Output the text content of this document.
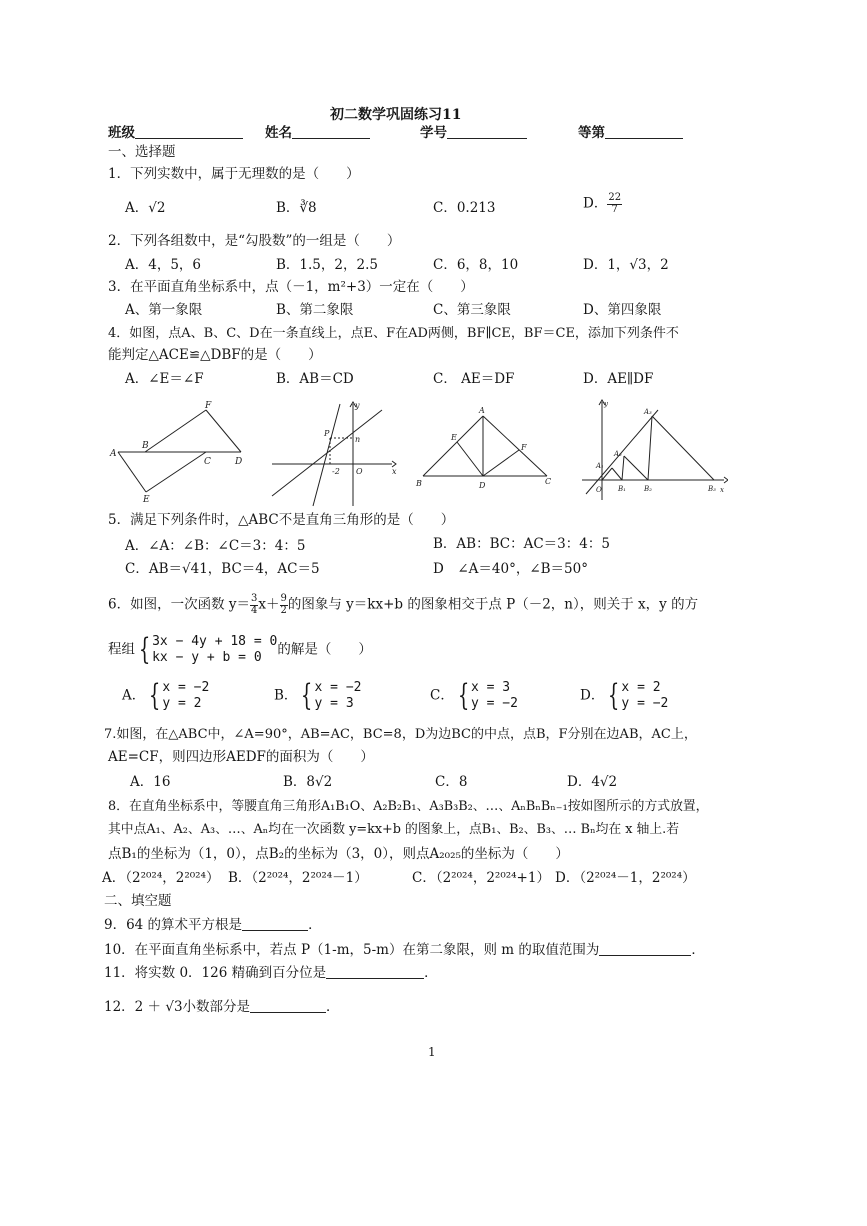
初二数学巩固练习11
班级	姓名	学号	等第
一、选择题
1．下列实数中，属于无理数的是（　　）
A．√2	B．∛8	C．0.213	D． $\frac{22}{7}$
2．下列各组数中，是“勾股数”的一组是（　　）
A．4，5，6	B．1.5，2，2.5	C．6，8，10	D．1，√3，2
3．在平面直角坐标系中，点（－1，m²+3）一定在（　　）
A、第一象限	B、第二象限	C、第三象限	D、第四象限
4．如图，点A、B、C、D在一条直线上，点E、F在AD两侧，BF∥CE，BF＝CE，添加下列条件不
能判定△ACE≌△DBF的是（　　）
A．∠E＝∠F	B．AB＝CD	C． AE＝DF	D．AE∥DF
A
B
C	D
E
F	y
x
O
P
n
-2
A
B	C
D
E
F
y
x
O
A₁
A₂
A₃
B₁	B₂	B₃
5．满足下列条件时，△ABC不是直角三角形的是（　　）
A．∠A：∠B：∠C＝3：4：5	B．AB：BC：AC＝3：4：5
C．AB＝√41，BC＝4，AC＝5	D　∠A＝40°，∠B＝50°
6．如图，一次函数 $y= \frac{3}{4} x+ \frac{9}{2}$ 的图象与 y＝kx+b 的图象相交于点 P（－2，n），则关于 x，y 的方
程组 { 3x − 4y + 18 = 0
kx − y + b = 0
的解是（　　）
A． { x = −2
y = 2
B． { x = −2
y = 3
C． { x = 3
y = −2
D． { x = 2
y = −2
7.如图，在△ABC中，∠A=90°，AB=AC，BC=8，D为边BC的中点，点B，F分别在边AB，AC上，
AE=CF，则四边形AEDF的面积为（　　）
A．16	B．8√2	C．8	D．4√2
8．在直角坐标系中，等腰直角三角形A₁B₁O、A₂B₂B₁、A₃B₃B₂、…、AₙBₙBₙ₋₁按如图所示的方式放置，
其中点A₁、A₂、A₃、…、Aₙ均在一次函数 y=kx+b 的图象上，点B₁、B₂、B₃、… Bₙ均在 x 轴上.若
点B₁的坐标为（1，0），点B₂的坐标为（3，0），则点A₂₀₂₅的坐标为（　　）
A．（2²⁰²⁴，2²⁰²⁴） B．（2²⁰²⁴，2²⁰²⁴－1）	C．（2²⁰²⁴，2²⁰²⁴+1） D．（2²⁰²⁴－1，2²⁰²⁴）
二、填空题
9．64 的算术平方根是	．
10．在平面直角坐标系中，若点 P（1-m，5-m）在第二象限，则 m 的取值范围为	．
11．将实数 0．126 精确到百分位是	．
12．2 ＋ √3小数部分是	．
1
